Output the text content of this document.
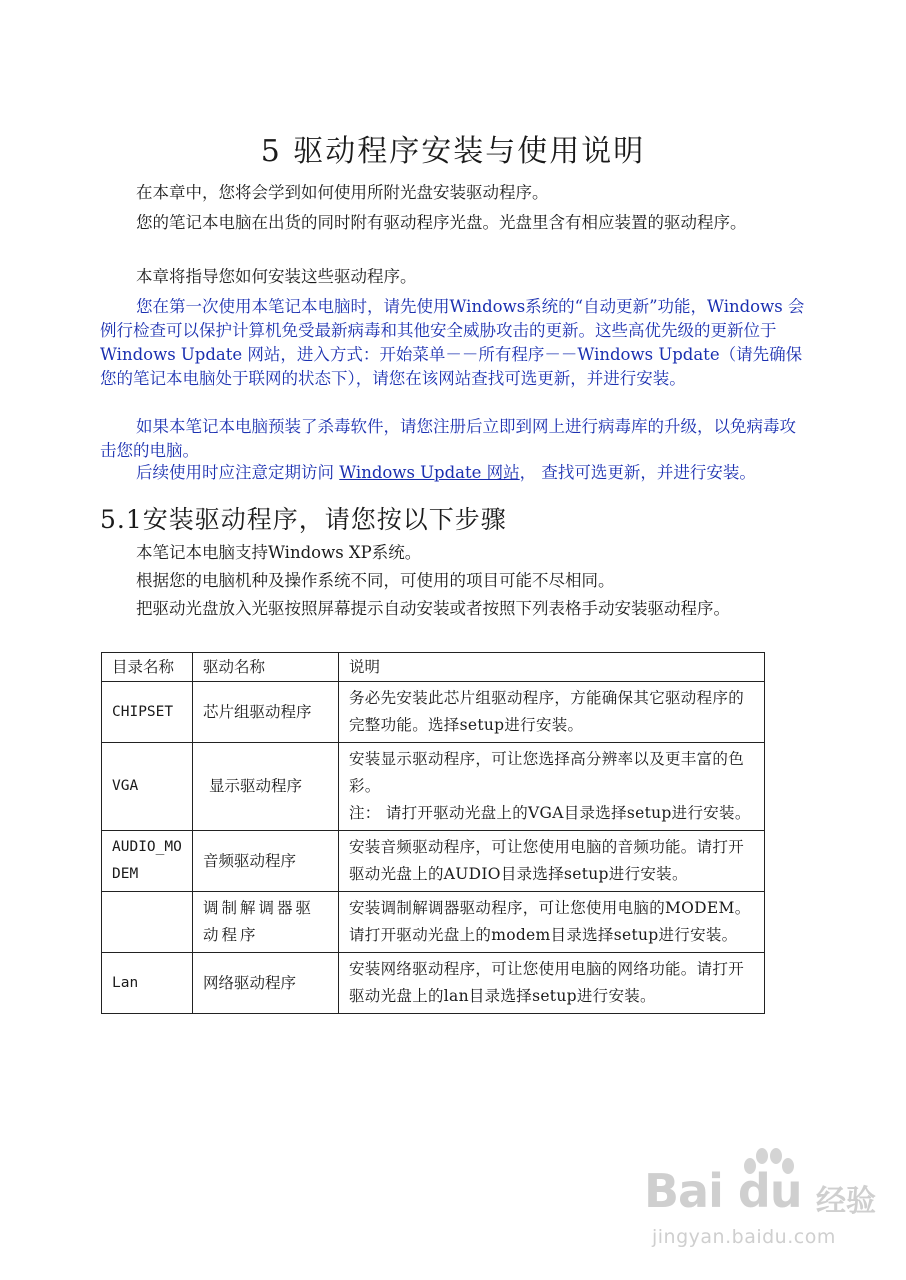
5 驱动程序安装与使用说明

在本章中，您将会学到如何使用所附光盘安装驱动程序。

您的笔记本电脑在出货的同时附有驱动程序光盘。光盘里含有相应装置的驱动程序。

本章将指导您如何安装这些驱动程序。

您在第一次使用本笔记本电脑时，请先使用Windows系统的“自动更新”功能，Windows 会例行检查可以保护计算机免受最新病毒和其他安全威胁攻击的更新。这些高优先级的更新位于 Windows Update 网站，进入方式：开始菜单－－所有程序－－Windows Update（请先确保您的笔记本电脑处于联网的状态下），请您在该网站查找可选更新，并进行安装。

如果本笔记本电脑预装了杀毒软件，请您注册后立即到网上进行病毒库的升级，以免病毒攻击您的电脑。

后续使用时应注意定期访问 Windows Update 网站， 查找可选更新，并进行安装。

5.1安装驱动程序，请您按以下步骤

本笔记本电脑支持Windows XP系统。

根据您的电脑机种及操作系统不同，可使用的项目可能不尽相同。

把驱动光盘放入光驱按照屏幕提示自动安装或者按照下列表格手动安装驱动程序。

目录名称	驱动名称	说明
CHIPSET	芯片组驱动程序	务必先安装此芯片组驱动程序，方能确保其它驱动程序的完整功能。选择setup进行安装。
VGA	显示驱动程序	安装显示驱动程序，可让您选择高分辨率以及更丰富的色彩。
注： 请打开驱动光盘上的VGA目录选择setup进行安装。

AUDIO_MODEM	音频驱动程序	安装音频驱动程序，可让您使用电脑的音频功能。请打开驱动光盘上的AUDIO目录选择setup进行安装。
	调制解调器驱动程序	安装调制解调器驱动程序，可让您使用电脑的MODEM。请打开驱动光盘上的modem目录选择setup进行安装。
Lan	网络驱动程序	安装网络驱动程序，可让您使用电脑的网络功能。请打开驱动光盘上的lan目录选择setup进行安装。
Bai du 经验
jingyan.baidu.com
